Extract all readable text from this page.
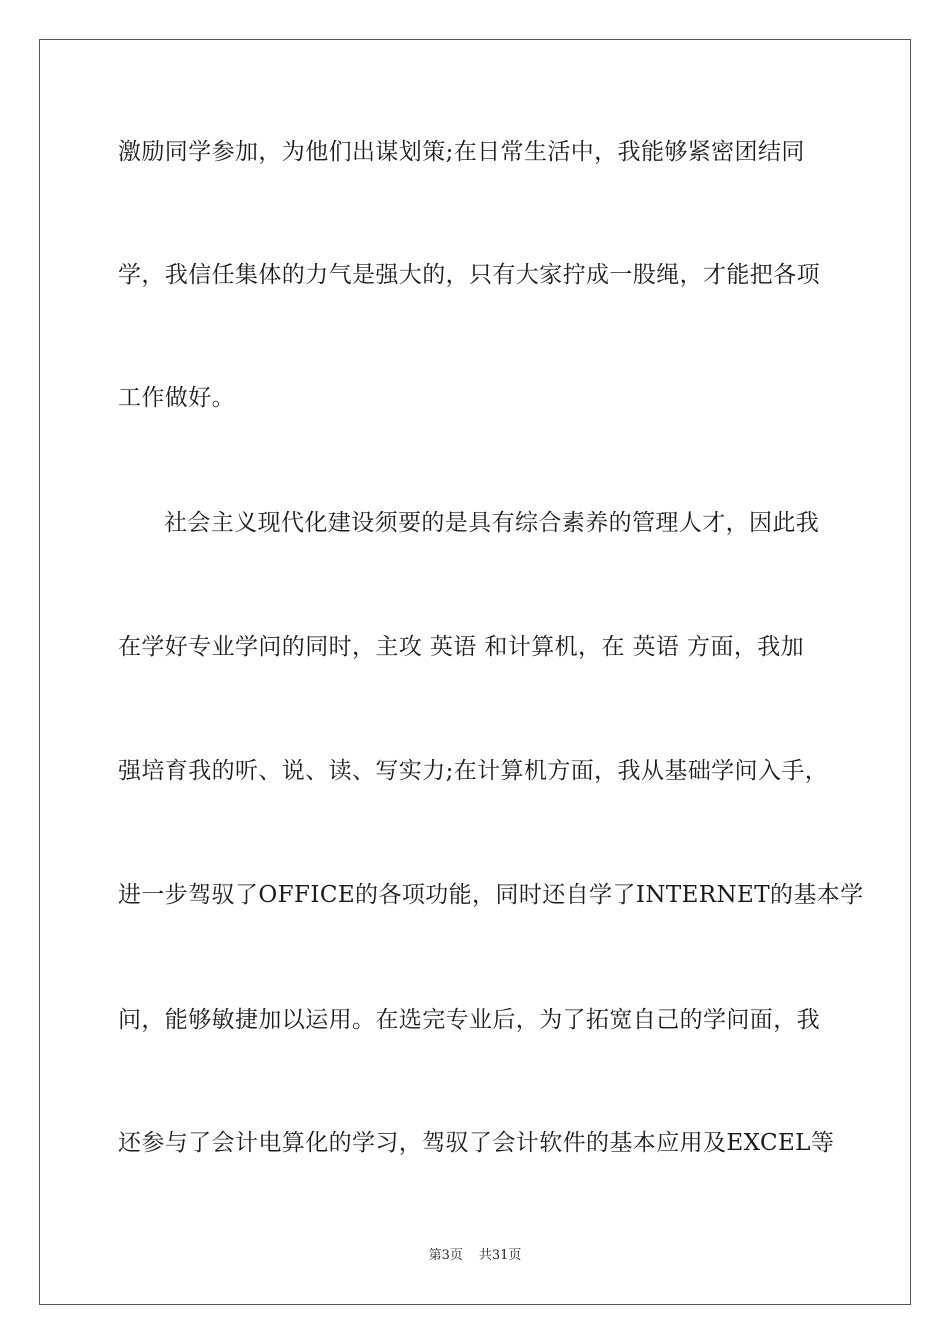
激励同学参加，为他们出谋划策;在日常生活中，我能够紧密团结同
学，我信任集体的力气是强大的，只有大家拧成一股绳，才能把各项
工作做好。
社会主义现代化建设须要的是具有综合素养的管理人才，因此我
在学好专业学问的同时，主攻 英语 和计算机，在 英语 方面，我加
强培育我的听、说、读、写实力;在计算机方面，我从基础学问入手，
进一步驾驭了OFFICE的各项功能，同时还自学了INTERNET的基本学
问，能够敏捷加以运用。在选完专业后，为了拓宽自己的学问面，我
还参与了会计电算化的学习，驾驭了会计软件的基本应用及EXCEL等
第3页 共31页
